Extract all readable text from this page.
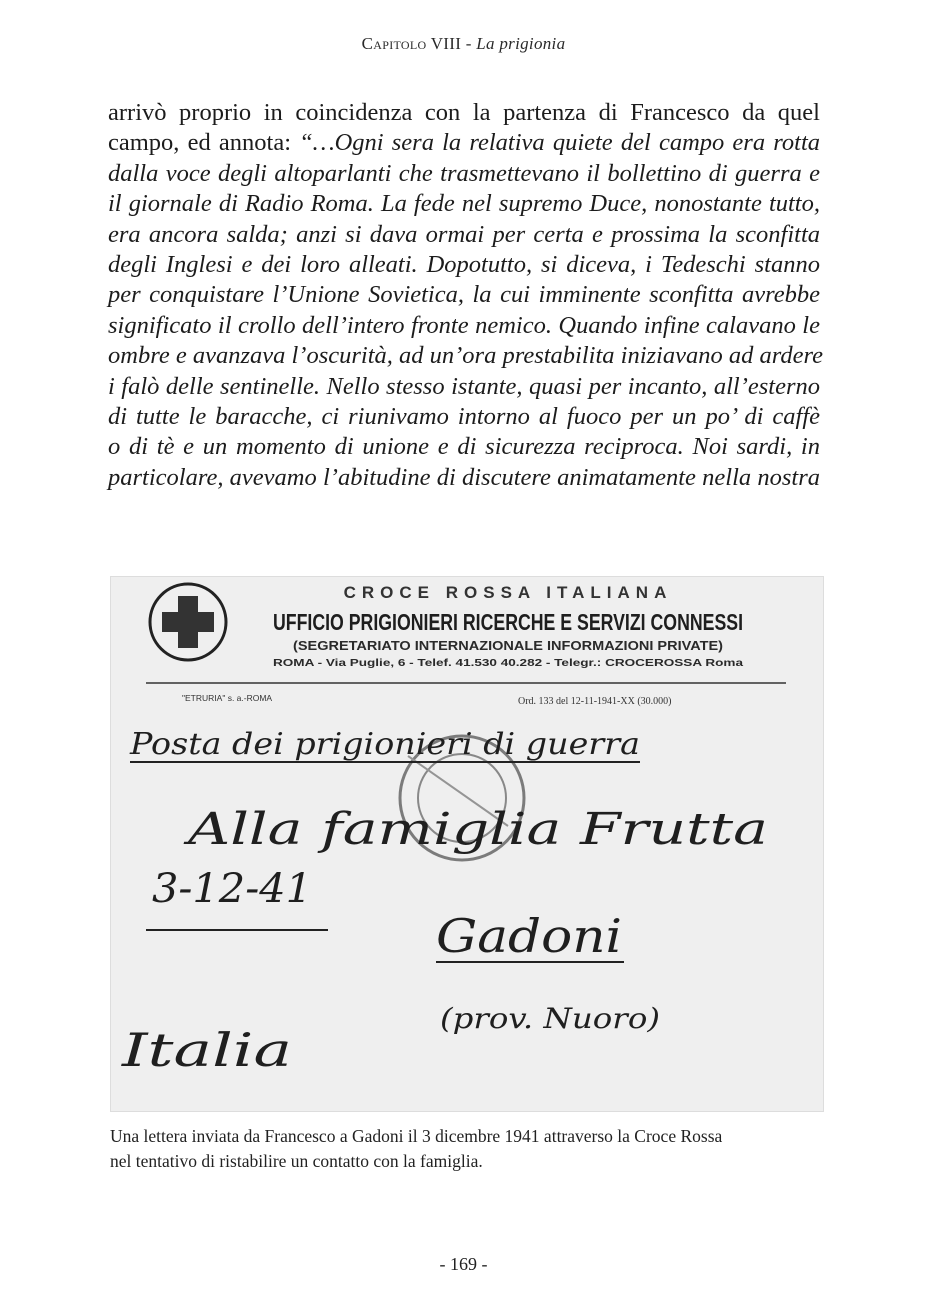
Capitolo VIII - La prigionia
arrivò proprio in coincidenza con la partenza di Francesco da quel
campo, ed annota: “…Ogni sera la relativa quiete del campo era rotta
dalla voce degli altoparlanti che trasmettevano il bollettino di guerra e
il giornale di Radio Roma. La fede nel supremo Duce, nonostante tutto,
era ancora salda; anzi si dava ormai per certa e prossima la sconfitta
degli Inglesi e dei loro alleati. Dopotutto, si diceva, i Tedeschi stanno
per conquistare l’Unione Sovietica, la cui imminente sconfitta avrebbe
significato il crollo dell’intero fronte nemico. Quando infine calavano le
ombre e avanzava l’oscurità, ad un’ora prestabilita iniziavano ad ardere
i falò delle sentinelle. Nello stesso istante, quasi per incanto, all’esterno
di tutte le baracche, ci riunivamo intorno al fuoco per un po’ di caffè
o di tè e un momento di unione e di sicurezza reciproca. Noi sardi, in
particolare, avevamo l’abitudine di discutere animatamente nella nostra
CROCE ROSSA ITALIANA
UFFICIO PRIGIONIERI RICERCHE E SERVIZI CONNESSI
(SEGRETARIATO INTERNAZIONALE INFORMAZIONI PRIVATE)
ROMA - Via Puglie, 6 - Telef. 41.530 40.282 - Telegr.: CROCEROSSA Roma
"ETRURIA" s. a.-ROMA	Ord. 133 del 12-11-1941-XX (30.000)
Posta dei prigionieri di guerra
Alla famiglia Frutta
3-12-41
Gadoni
(prov. Nuoro)
Italia
Una lettera inviata da Francesco a Gadoni il 3 dicembre 1941 attraverso la Croce Rossa
nel tentativo di ristabilire un contatto con la famiglia.
- 169 -
